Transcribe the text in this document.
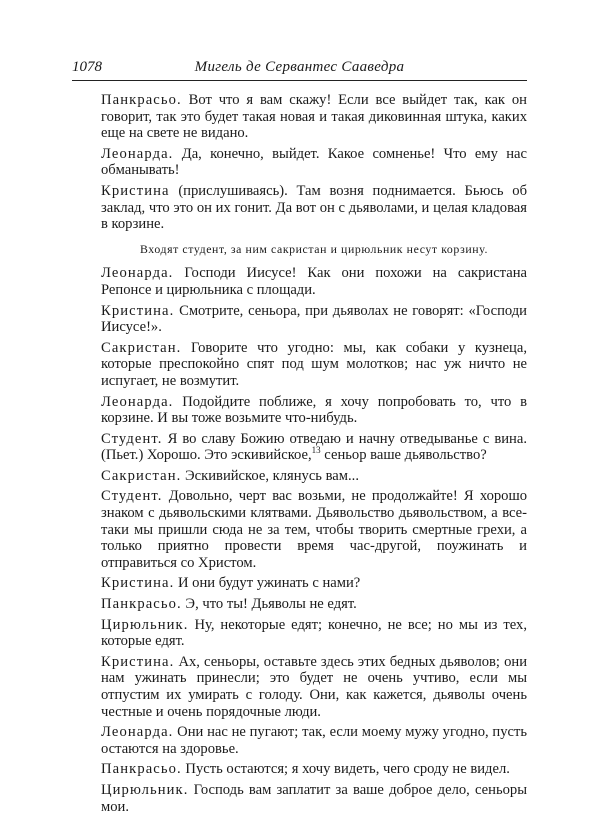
1078	Мигель де Сервантес Сааведра

Панкрасьо. Вот что я вам скажу! Если все выйдет так, как он говорит, так это будет такая новая и такая диковинная штука, каких еще на свете не видано.

Леонарда. Да, конечно, выйдет. Какое сомненье! Что ему нас обманывать!

Кристина (прислушиваясь). Там возня поднимается. Бьюсь об заклад, что это он их гонит. Да вот он с дьяволами, и целая кладовая в корзине.

Входят студент, за ним сакристан и цирюльник несут корзину.

Леонарда. Господи Иисусе! Как они похожи на сакристана Репонсе и цирюльника с площади.

Кристина. Смотрите, сеньора, при дьяволах не говорят: «Господи Иисусе!».

Сакристан. Говорите что угодно: мы, как собаки у кузнеца, которые преспокойно спят под шум молотков; нас уж ничто не испугает, не возмутит.

Леонарда. Подойдите поближе, я хочу попробовать то, что в корзине. И вы тоже возьмите что-нибудь.

Студент. Я во славу Божию отведаю и начну отведыванье с вина. (Пьет.) Хорошо. Это эскивийское,$^{13}$ сеньор ваше дьявольство?

Сакристан. Эскивийское, клянусь вам...

Студент. Довольно, черт вас возьми, не продолжайте! Я хорошо знаком с дьявольскими клятвами. Дьявольство дьявольством, а все-таки мы пришли сюда не за тем, чтобы творить смертные грехи, а только приятно провести время час-другой, поужинать и отправиться со Христом.

Кристина. И они будут ужинать с нами?

Панкрасьо. Э, что ты! Дьяволы не едят.

Цирюльник. Ну, некоторые едят; конечно, не все; но мы из тех, которые едят.

Кристина. Ах, сеньоры, оставьте здесь этих бедных дьяволов; они нам ужинать принесли; это будет не очень учтиво, если мы отпустим их умирать с голоду. Они, как кажется, дьяволы очень честные и очень порядочные люди.

Леонарда. Они нас не пугают; так, если моему мужу угодно, пусть остаются на здоровье.

Панкрасьо. Пусть остаются; я хочу видеть, чего сроду не видел.

Цирюльник. Господь вам заплатит за ваше доброе дело, сеньоры мои.
